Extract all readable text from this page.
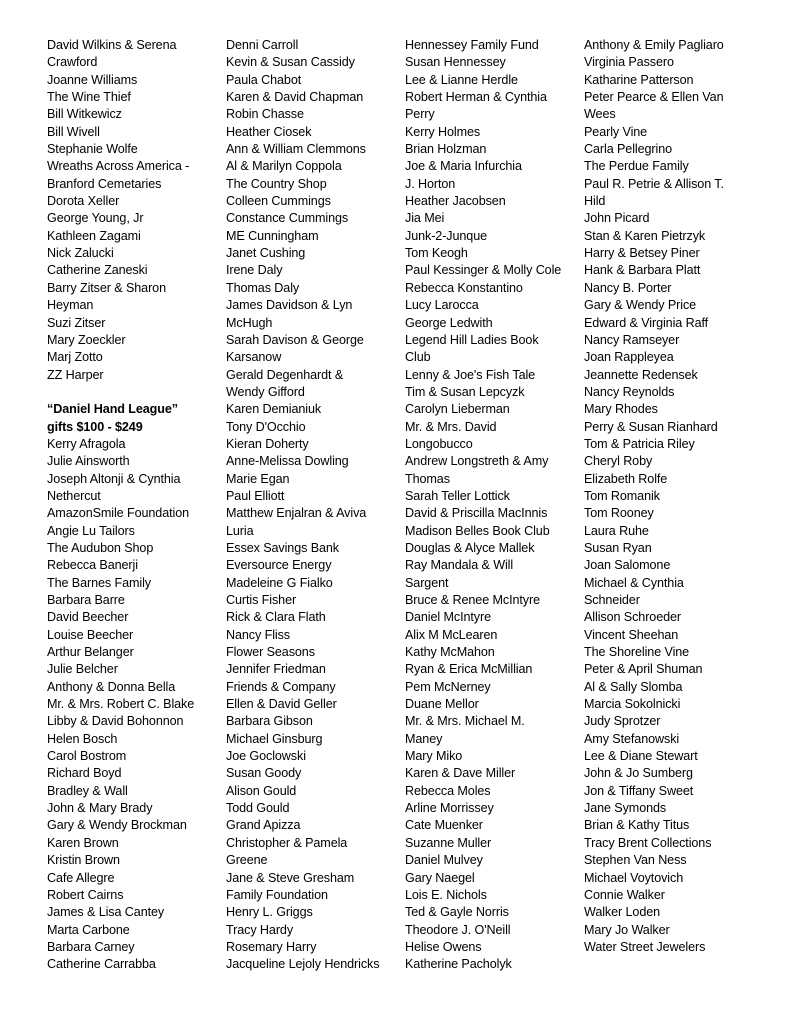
David Wilkins & Serena
Crawford
Joanne Williams
The Wine Thief
Bill Witkewicz
Bill Wivell
Stephanie Wolfe
Wreaths Across America -
Branford Cemetaries
Dorota Xeller
George Young, Jr
Kathleen Zagami
Nick Zalucki
Catherine Zaneski
Barry Zitser & Sharon
Heyman
Suzi Zitser
Mary Zoeckler
Marj Zotto
ZZ Harper
“Daniel Hand League”
gifts $100 - $249
Kerry Afragola
Julie Ainsworth
Joseph Altonji & Cynthia
Nethercut
AmazonSmile Foundation
Angie Lu Tailors
The Audubon Shop
Rebecca Banerji
The Barnes Family
Barbara Barre
David Beecher
Louise Beecher
Arthur Belanger
Julie Belcher
Anthony & Donna Bella
Mr. & Mrs. Robert C. Blake
Libby & David Bohonnon
Helen Bosch
Carol Bostrom
Richard Boyd
Bradley & Wall
John & Mary Brady
Gary & Wendy Brockman
Karen Brown
Kristin Brown
Cafe Allegre
Robert Cairns
James & Lisa Cantey
Marta Carbone
Barbara Carney
Catherine Carrabba
Denni Carroll
Kevin & Susan Cassidy
Paula Chabot
Karen & David Chapman
Robin Chasse
Heather Ciosek
Ann & William Clemmons
Al & Marilyn Coppola
The Country Shop
Colleen Cummings
Constance Cummings
ME Cunningham
Janet Cushing
Irene Daly
Thomas Daly
James Davidson & Lyn
McHugh
Sarah Davison & George
Karsanow
Gerald Degenhardt &
Wendy Gifford
Karen Demianiuk
Tony D'Occhio
Kieran Doherty
Anne-Melissa Dowling
Marie Egan
Paul Elliott
Matthew Enjalran & Aviva
Luria
Essex Savings Bank
Eversource Energy
Madeleine G Fialko
Curtis Fisher
Rick & Clara Flath
Nancy Fliss
Flower Seasons
Jennifer Friedman
Friends & Company
Ellen & David Geller
Barbara Gibson
Michael Ginsburg
Joe Goclowski
Susan Goody
Alison Gould
Todd Gould
Grand Apizza
Christopher & Pamela
Greene
Jane & Steve Gresham
Family Foundation
Henry L. Griggs
Tracy Hardy
Rosemary Harry
Jacqueline Lejoly Hendricks
Hennessey Family Fund
Susan Hennessey
Lee & Lianne Herdle
Robert Herman & Cynthia
Perry
Kerry Holmes
Brian Holzman
Joe & Maria Infurchia
J. Horton
Heather Jacobsen
Jia Mei
Junk-2-Junque
Tom Keogh
Paul Kessinger & Molly Cole
Rebecca Konstantino
Lucy Larocca
George Ledwith
Legend Hill Ladies Book
Club
Lenny & Joe's Fish Tale
Tim & Susan Lepcyzk
Carolyn Lieberman
Mr. & Mrs. David
Longobucco
Andrew Longstreth & Amy
Thomas
Sarah Teller Lottick
David & Priscilla MacInnis
Madison Belles Book Club
Douglas & Alyce Mallek
Ray Mandala & Will
Sargent
Bruce & Renee McIntyre
Daniel McIntyre
Alix M McLearen
Kathy McMahon
Ryan & Erica McMillian
Pem McNerney
Duane Mellor
Mr. & Mrs. Michael M.
Maney
Mary Miko
Karen & Dave Miller
Rebecca Moles
Arline Morrissey
Cate Muenker
Suzanne Muller
Daniel Mulvey
Gary Naegel
Lois E. Nichols
Ted & Gayle Norris
Theodore J. O'Neill
Helise Owens
Katherine Pacholyk
Anthony & Emily Pagliaro
Virginia Passero
Katharine Patterson
Peter Pearce & Ellen Van
Wees
Pearly Vine
Carla Pellegrino
The Perdue Family
Paul R. Petrie & Allison T.
Hild
John Picard
Stan & Karen Pietrzyk
Harry & Betsey Piner
Hank & Barbara Platt
Nancy B. Porter
Gary & Wendy Price
Edward & Virginia Raff
Nancy Ramseyer
Joan Rappleyea
Jeannette Redensek
Nancy Reynolds
Mary Rhodes
Perry & Susan Rianhard
Tom & Patricia Riley
Cheryl Roby
Elizabeth Rolfe
Tom Romanik
Tom Rooney
Laura Ruhe
Susan Ryan
Joan Salomone
Michael & Cynthia
Schneider
Allison Schroeder
Vincent Sheehan
The Shoreline Vine
Peter & April Shuman
Al & Sally Slomba
Marcia Sokolnicki
Judy Sprotzer
Amy Stefanowski
Lee & Diane Stewart
John & Jo Sumberg
Jon & Tiffany Sweet
Jane Symonds
Brian & Kathy Titus
Tracy Brent Collections
Stephen Van Ness
Michael Voytovich
Connie Walker
Walker Loden
Mary Jo Walker
Water Street Jewelers
